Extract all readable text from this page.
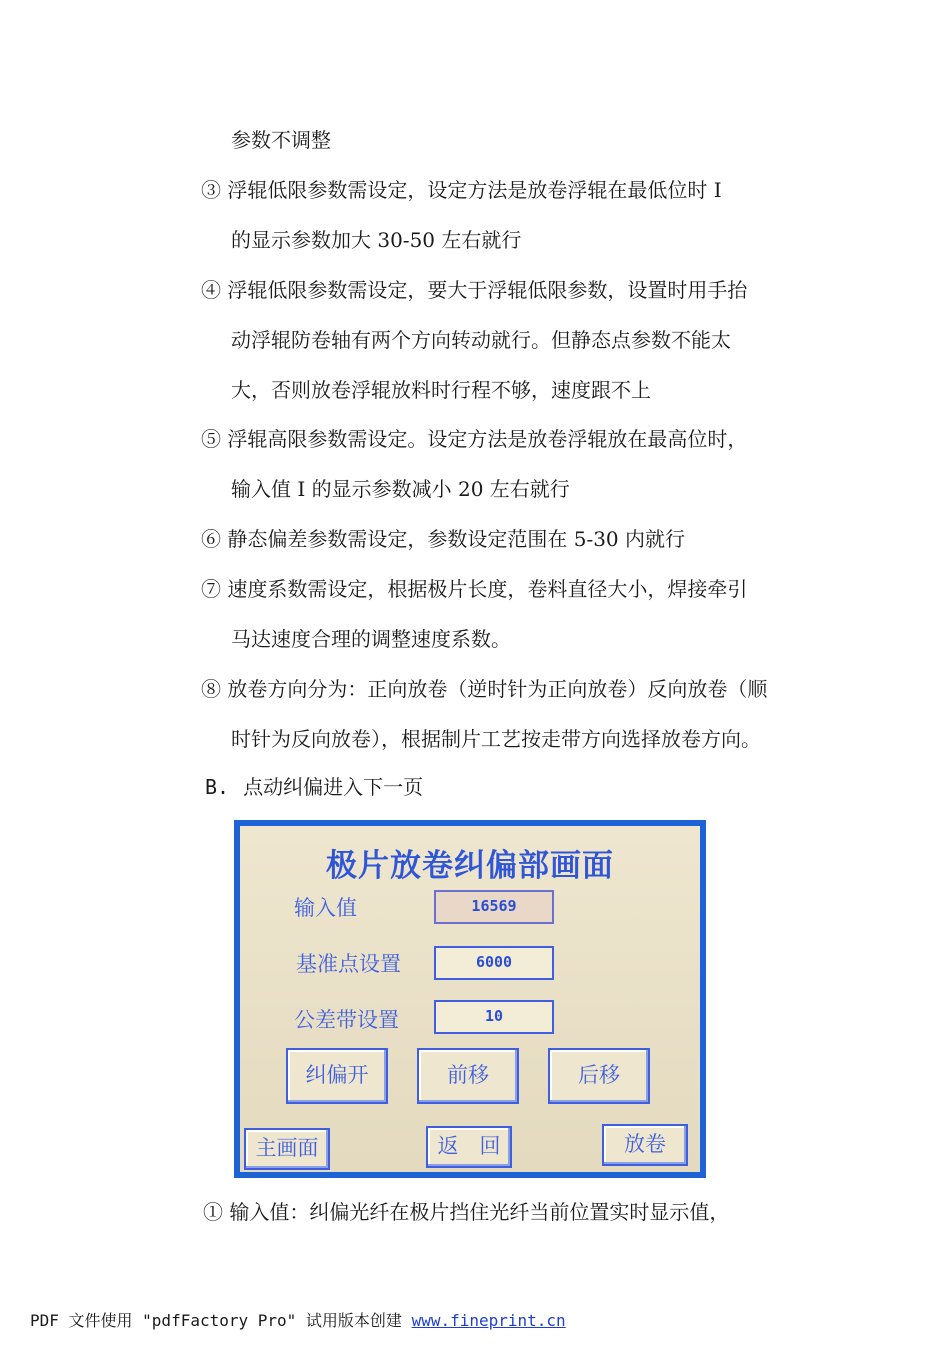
参数不调整
③ 浮辊低限参数需设定，设定方法是放卷浮辊在最低位时 I
的显示参数加大 30-50 左右就行
④ 浮辊低限参数需设定，要大于浮辊低限参数，设置时用手抬
动浮辊防卷轴有两个方向转动就行。但静态点参数不能太
大，否则放卷浮辊放料时行程不够，速度跟不上
⑤ 浮辊高限参数需设定。设定方法是放卷浮辊放在最高位时，
输入值 I 的显示参数减小 20 左右就行
⑥ 静态偏差参数需设定，参数设定范围在 5-30 内就行
⑦ 速度系数需设定，根据极片长度，卷料直径大小，焊接牵引
马达速度合理的调整速度系数。
⑧ 放卷方向分为：正向放卷（逆时针为正向放卷）反向放卷（顺
时针为反向放卷），根据制片工艺按走带方向选择放卷方向。
B. 点动纠偏进入下一页
极片放卷纠偏部画面
输入值	16569
基准点设置	6000
公差带设置	10
纠偏开	前移	后移
主画面	返　回	放卷
① 输入值：纠偏光纤在极片挡住光纤当前位置实时显示值，
PDF 文件使用 "pdfFactory Pro" 试用版本创建 www.fineprint.cn
